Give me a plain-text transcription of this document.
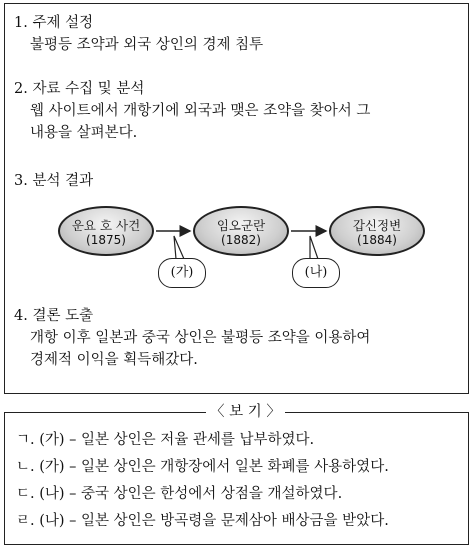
1. 주제 설정
불평등 조약과 외국 상인의 경제 침투
2. 자료 수집 및 분석
웹 사이트에서 개항기에 외국과 맺은 조약을 찾아서 그
내용을 살펴본다.
3. 분석 결과
운요 호 사건
(1875)
임오군란
(1882)
갑신정변
(1884)
(가)	(나)
4. 결론 도출
개항 이후 일본과 중국 상인은 불평등 조약을 이용하여
경제적 이익을 획득해갔다.
〈 보 기 〉
ㄱ. (가) – 일본 상인은 저율 관세를 납부하였다.
ㄴ. (가) – 일본 상인은 개항장에서 일본 화폐를 사용하였다.
ㄷ. (나) – 중국 상인은 한성에서 상점을 개설하였다.
ㄹ. (나) – 일본 상인은 방곡령을 문제삼아 배상금을 받았다.
